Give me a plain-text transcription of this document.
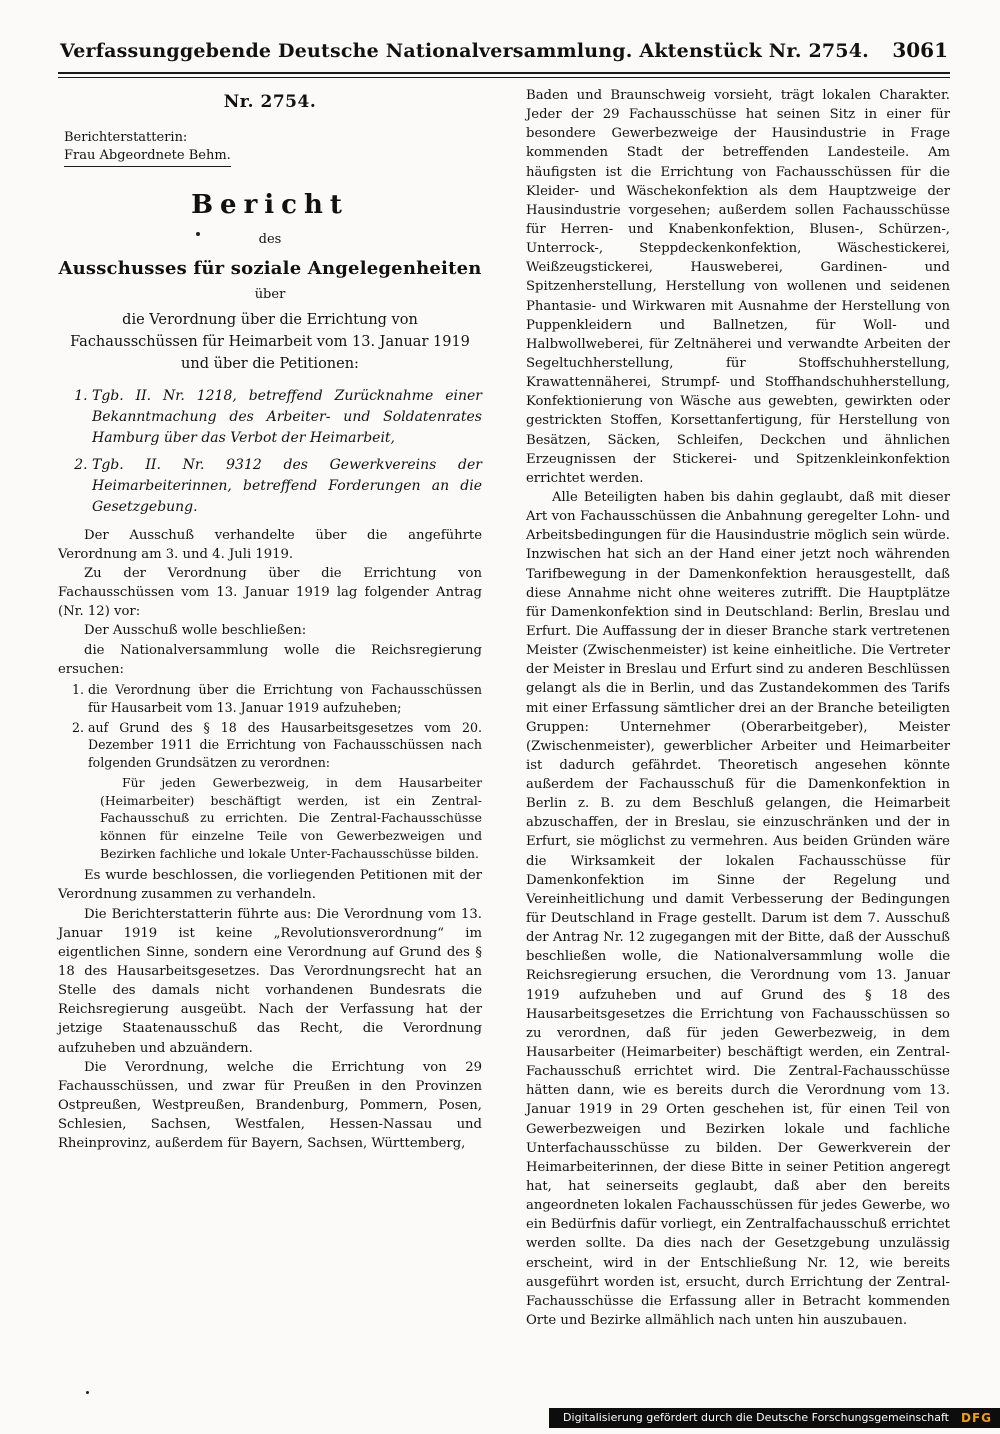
Verfassunggebende Deutsche Nationalversammlung. Aktenstück Nr. 2754. 3061
Nr. 2754.
Berichterstatterin:
Frau Abgeordnete Behm.
Bericht
des
Ausschusses für soziale Angelegenheiten
über
die Verordnung über die Errichtung von Fachausschüssen für Heimarbeit vom 13. Januar 1919 und über die Petitionen:
1. Tgb. II. Nr. 1218, betreffend Zurücknahme einer Bekanntmachung des Arbeiter- und Soldatenrates Hamburg über das Verbot der Heimarbeit,
2. Tgb. II. Nr. 9312 des Gewerkvereins der Heimarbeiterinnen, betreffend Forderungen an die Gesetzgebung.

Der Ausschuß verhandelte über die angeführte Verordnung am 3. und 4. Juli 1919.

Zu der Verordnung über die Errichtung von Fachausschüssen vom 13. Januar 1919 lag folgender Antrag (Nr. 12) vor:

Der Ausschuß wolle beschließen:

die Nationalversammlung wolle die Reichsregierung ersuchen:

1. die Verordnung über die Errichtung von Fachausschüssen für Hausarbeit vom 13. Januar 1919 aufzuheben;
2. auf Grund des § 18 des Hausarbeitsgesetzes vom 20. Dezember 1911 die Errichtung von Fachausschüssen nach folgenden Grundsätzen zu verordnen:
Für jeden Gewerbezweig, in dem Hausarbeiter (Heimarbeiter) beschäftigt werden, ist ein Zentral-Fachausschuß zu errichten. Die Zentral-Fachausschüsse können für einzelne Teile von Gewerbezweigen und Bezirken fachliche und lokale Unter-Fachausschüsse bilden.

Es wurde beschlossen, die vorliegenden Petitionen mit der Verordnung zusammen zu verhandeln.

Die Berichterstatterin führte aus: Die Verordnung vom 13. Januar 1919 ist keine „Revolutionsverordnung“ im eigentlichen Sinne, sondern eine Verordnung auf Grund des § 18 des Hausarbeitsgesetzes. Das Verordnungsrecht hat an Stelle des damals nicht vorhandenen Bundesrats die Reichsregierung ausgeübt. Nach der Verfassung hat der jetzige Staatenausschuß das Recht, die Verordnung aufzuheben und abzuändern.

Die Verordnung, welche die Errichtung von 29 Fachausschüssen, und zwar für Preußen in den Provinzen Ostpreußen, Westpreußen, Brandenburg, Pommern, Posen, Schlesien, Sachsen, Westfalen, Hessen-Nassau und Rheinprovinz, außerdem für Bayern, Sachsen, Württemberg,

Baden und Braunschweig vorsieht, trägt lokalen Charakter. Jeder der 29 Fachausschüsse hat seinen Sitz in einer für besondere Gewerbezweige der Hausindustrie in Frage kommenden Stadt der betreffenden Landesteile. Am häufigsten ist die Errichtung von Fachausschüssen für die Kleider- und Wäschekonfektion als dem Hauptzweige der Hausindustrie vorgesehen; außerdem sollen Fachausschüsse für Herren- und Knabenkonfektion, Blusen-, Schürzen-, Unterrock-, Steppdeckenkonfektion, Wäschestickerei, Weißzeugstickerei, Hausweberei, Gardinen- und Spitzenherstellung, Herstellung von wollenen und seidenen Phantasie- und Wirkwaren mit Ausnahme der Herstellung von Puppenkleidern und Ballnetzen, für Woll- und Halbwollweberei, für Zeltnäherei und verwandte Arbeiten der Segeltuchherstellung, für Stoffschuhherstellung, Krawattennäherei, Strumpf- und Stoffhandschuhherstellung, Konfektionierung von Wäsche aus gewebten, gewirkten oder gestrickten Stoffen, Korsettanfertigung, für Herstellung von Besätzen, Säcken, Schleifen, Deckchen und ähnlichen Erzeugnissen der Stickerei- und Spitzenkleinkonfektion errichtet werden.

Alle Beteiligten haben bis dahin geglaubt, daß mit dieser Art von Fachausschüssen die Anbahnung geregelter Lohn- und Arbeitsbedingungen für die Hausindustrie möglich sein würde. Inzwischen hat sich an der Hand einer jetzt noch währenden Tarifbewegung in der Damenkonfektion herausgestellt, daß diese Annahme nicht ohne weiteres zutrifft. Die Hauptplätze für Damenkonfektion sind in Deutschland: Berlin, Breslau und Erfurt. Die Auffassung der in dieser Branche stark vertretenen Meister (Zwischenmeister) ist keine einheitliche. Die Vertreter der Meister in Breslau und Erfurt sind zu anderen Beschlüssen gelangt als die in Berlin, und das Zustandekommen des Tarifs mit einer Erfassung sämtlicher drei an der Branche beteiligten Gruppen: Unternehmer (Oberarbeitgeber), Meister (Zwischenmeister), gewerblicher Arbeiter und Heimarbeiter ist dadurch gefährdet. Theoretisch angesehen könnte außerdem der Fachausschuß für die Damenkonfektion in Berlin z. B. zu dem Beschluß gelangen, die Heimarbeit abzuschaffen, der in Breslau, sie einzuschränken und der in Erfurt, sie möglichst zu vermehren. Aus beiden Gründen wäre die Wirksamkeit der lokalen Fachausschüsse für Damenkonfektion im Sinne der Regelung und Vereinheitlichung und damit Verbesserung der Bedingungen für Deutschland in Frage gestellt. Darum ist dem 7. Ausschuß der Antrag Nr. 12 zugegangen mit der Bitte, daß der Ausschuß beschließen wolle, die Nationalversammlung wolle die Reichsregierung ersuchen, die Verordnung vom 13. Januar 1919 aufzuheben und auf Grund des § 18 des Hausarbeitsgesetzes die Errichtung von Fachausschüssen so zu verordnen, daß für jeden Gewerbezweig, in dem Hausarbeiter (Heimarbeiter) beschäftigt werden, ein Zentral-Fachausschuß errichtet wird. Die Zentral-Fachausschüsse hätten dann, wie es bereits durch die Verordnung vom 13. Januar 1919 in 29 Orten geschehen ist, für einen Teil von Gewerbezweigen und Bezirken lokale und fachliche Unterfachausschüsse zu bilden. Der Gewerkverein der Heimarbeiterinnen, der diese Bitte in seiner Petition angeregt hat, hat seinerseits geglaubt, daß aber den bereits angeordneten lokalen Fachausschüssen für jedes Gewerbe, wo ein Bedürfnis dafür vorliegt, ein Zentralfachausschuß errichtet werden sollte. Da dies nach der Gesetzgebung unzulässig erscheint, wird in der Entschließung Nr. 12, wie bereits ausgeführt worden ist, ersucht, durch Errichtung der Zentral-Fachausschüsse die Erfassung aller in Betracht kommenden Orte und Bezirke allmählich nach unten hin auszubauen.

Digitalisierung gefördert durch die Deutsche Forschungsgemeinschaft	DFG
